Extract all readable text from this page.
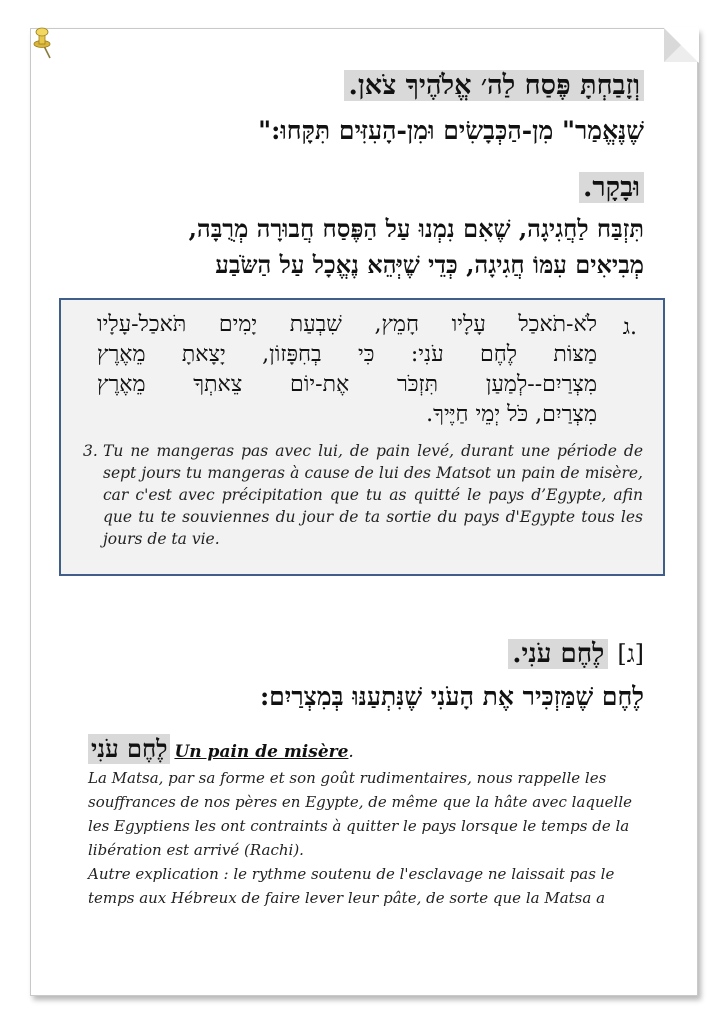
וְזָבַחְתָּ פֶּסַח לַה׳ אֱלֹהֶיךָ צֹאן.
שֶׁנֶּאֱמַר" מִן-הַכְּבָשִׂים וּמִן-הָעִזִּים תִּקָּחוּ:"
וּבָקָר.
תִּזְבַּח לַחֲגִיגָה, שֶׁאִם נִמְנוּ עַל הַפֶּסַח חֲבוּרָה מְרֻבָּה,
מְבִיאִים עִמּוֹ חֲגִיגָה, כְּדֵי שֶׁיְּהֵא נֶאֱכָל עַל הַשֹּׂבַע
ג.
לֹא-תֹאכַל עָלָיו חָמֵץ, שִׁבְעַת יָמִים תֹּאכַל-עָלָיו
מַצּוֹת לֶחֶם עֹנִי: כִּי בְחִפָּזוֹן, יָצָאתָ מֵאֶרֶץ
מִצְרַיִם--לְמַעַן תִּזְכֹּר אֶת-יוֹם צֵאתְךָ מֵאֶרֶץ
מִצְרַיִם, כֹּל יְמֵי חַיֶּיךָ.
3. Tu ne mangeras pas avec lui, de pain levé, durant une période de sept jours tu mangeras à cause de lui des Matsot un pain de misère, car c'est avec précipitation que tu as quitté le pays d’Egypte, afin que tu te souviennes du jour de ta sortie du pays d'Egypte tous les jours de ta vie.
[ג] לֶחֶם עֹנִי.
לֶחֶם שֶׁמַּזְכִּיר אֶת הָעֹנִי שֶׁנִּתְעַנּוּ בְּמִצְרַיִם:
לֶחֶם עֹנִי Un pain de misère .

La Matsa, par sa forme et son goût rudimentaires, nous rappelle les souffrances de nos pères en Egypte, de même que la hâte avec laquelle les Egyptiens les ont contraints à quitter le pays lorsque le temps de la libération est arrivé (Rachi).

Autre explication : le rythme soutenu de l'esclavage ne laissait pas le temps aux Hébreux de faire lever leur pâte, de sorte que la Matsa a
